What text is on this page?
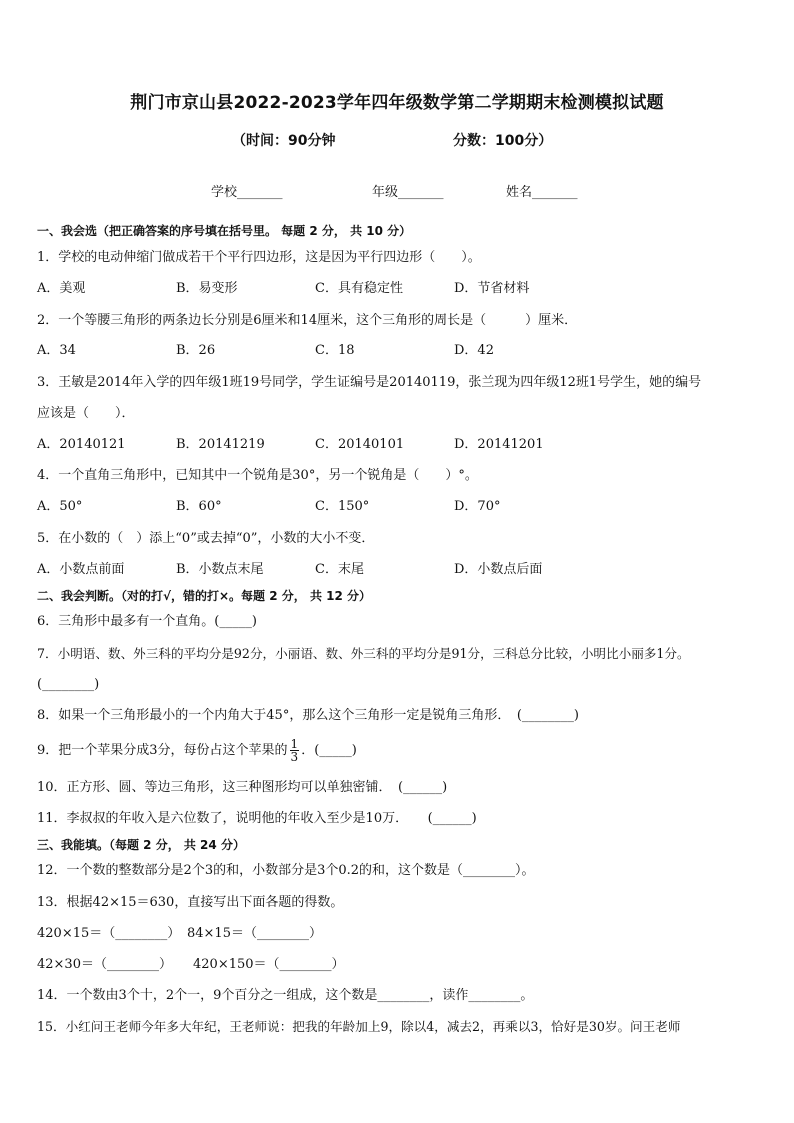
荆门市京山县2022-2023学年四年级数学第二学期期末检测模拟试题
（时间：90分钟	分数：100分）
学校_______	年级_______	姓名_______
一、我会选（把正确答案的序号填在括号里。 每题 2 分， 共 10 分）
1．学校的电动伸缩门做成若干个平行四边形，这是因为平行四边形（　　）。
A．美观	B．易变形	C．具有稳定性	D．节省材料
2．一个等腰三角形的两条边长分别是6厘米和14厘米，这个三角形的周长是（　　　）厘米．
A．34	B．26	C．18	D．42
3．王敏是2014年入学的四年级1班19号同学，学生证编号是20140119，张兰现为四年级12班1号学生，她的编号
应该是（　　）．
A．20140121	B．20141219	C．20140101	D．20141201
4．一个直角三角形中，已知其中一个锐角是30°，另一个锐角是（　　）°。
A．50°	B．60°	C．150°	D．70°
5．在小数的（　）添上“0”或去掉“0”，小数的大小不变．
A．小数点前面	B．小数点末尾	C．末尾	D．小数点后面
二、我会判断。（对的打√，错的打×。每题 2 分， 共 12 分）
6．三角形中最多有一个直角。(_____)
7．小明语、数、外三科的平均分是92分，小丽语、数、外三科的平均分是91分，三科总分比较，小明比小丽多1分。
(________)
8．如果一个三角形最小的一个内角大于45°，那么这个三角形一定是锐角三角形．　(________)
9．把一个苹果分成3分，每份占这个苹果的 $\frac{1}{3}$ ．(_____)
10．正方形、圆、等边三角形，这三种图形均可以单独密铺．　(______)
11．李叔叔的年收入是六位数了，说明他的年收入至少是10万．　　(______)
三、我能填。（每题 2 分， 共 24 分）
12．一个数的整数部分是2个3的和，小数部分是3个0.2的和，这个数是（________）。
13．根据42×15＝630，直接写出下面各题的得数。
420×15＝（________） 84×15＝（________）
42×30＝（________） 420×150＝（________）
14．一个数由3个十，2个一，9个百分之一组成，这个数是________，读作________。
15．小红问王老师今年多大年纪，王老师说：把我的年龄加上9，除以4，减去2，再乘以3，恰好是30岁。问王老师
